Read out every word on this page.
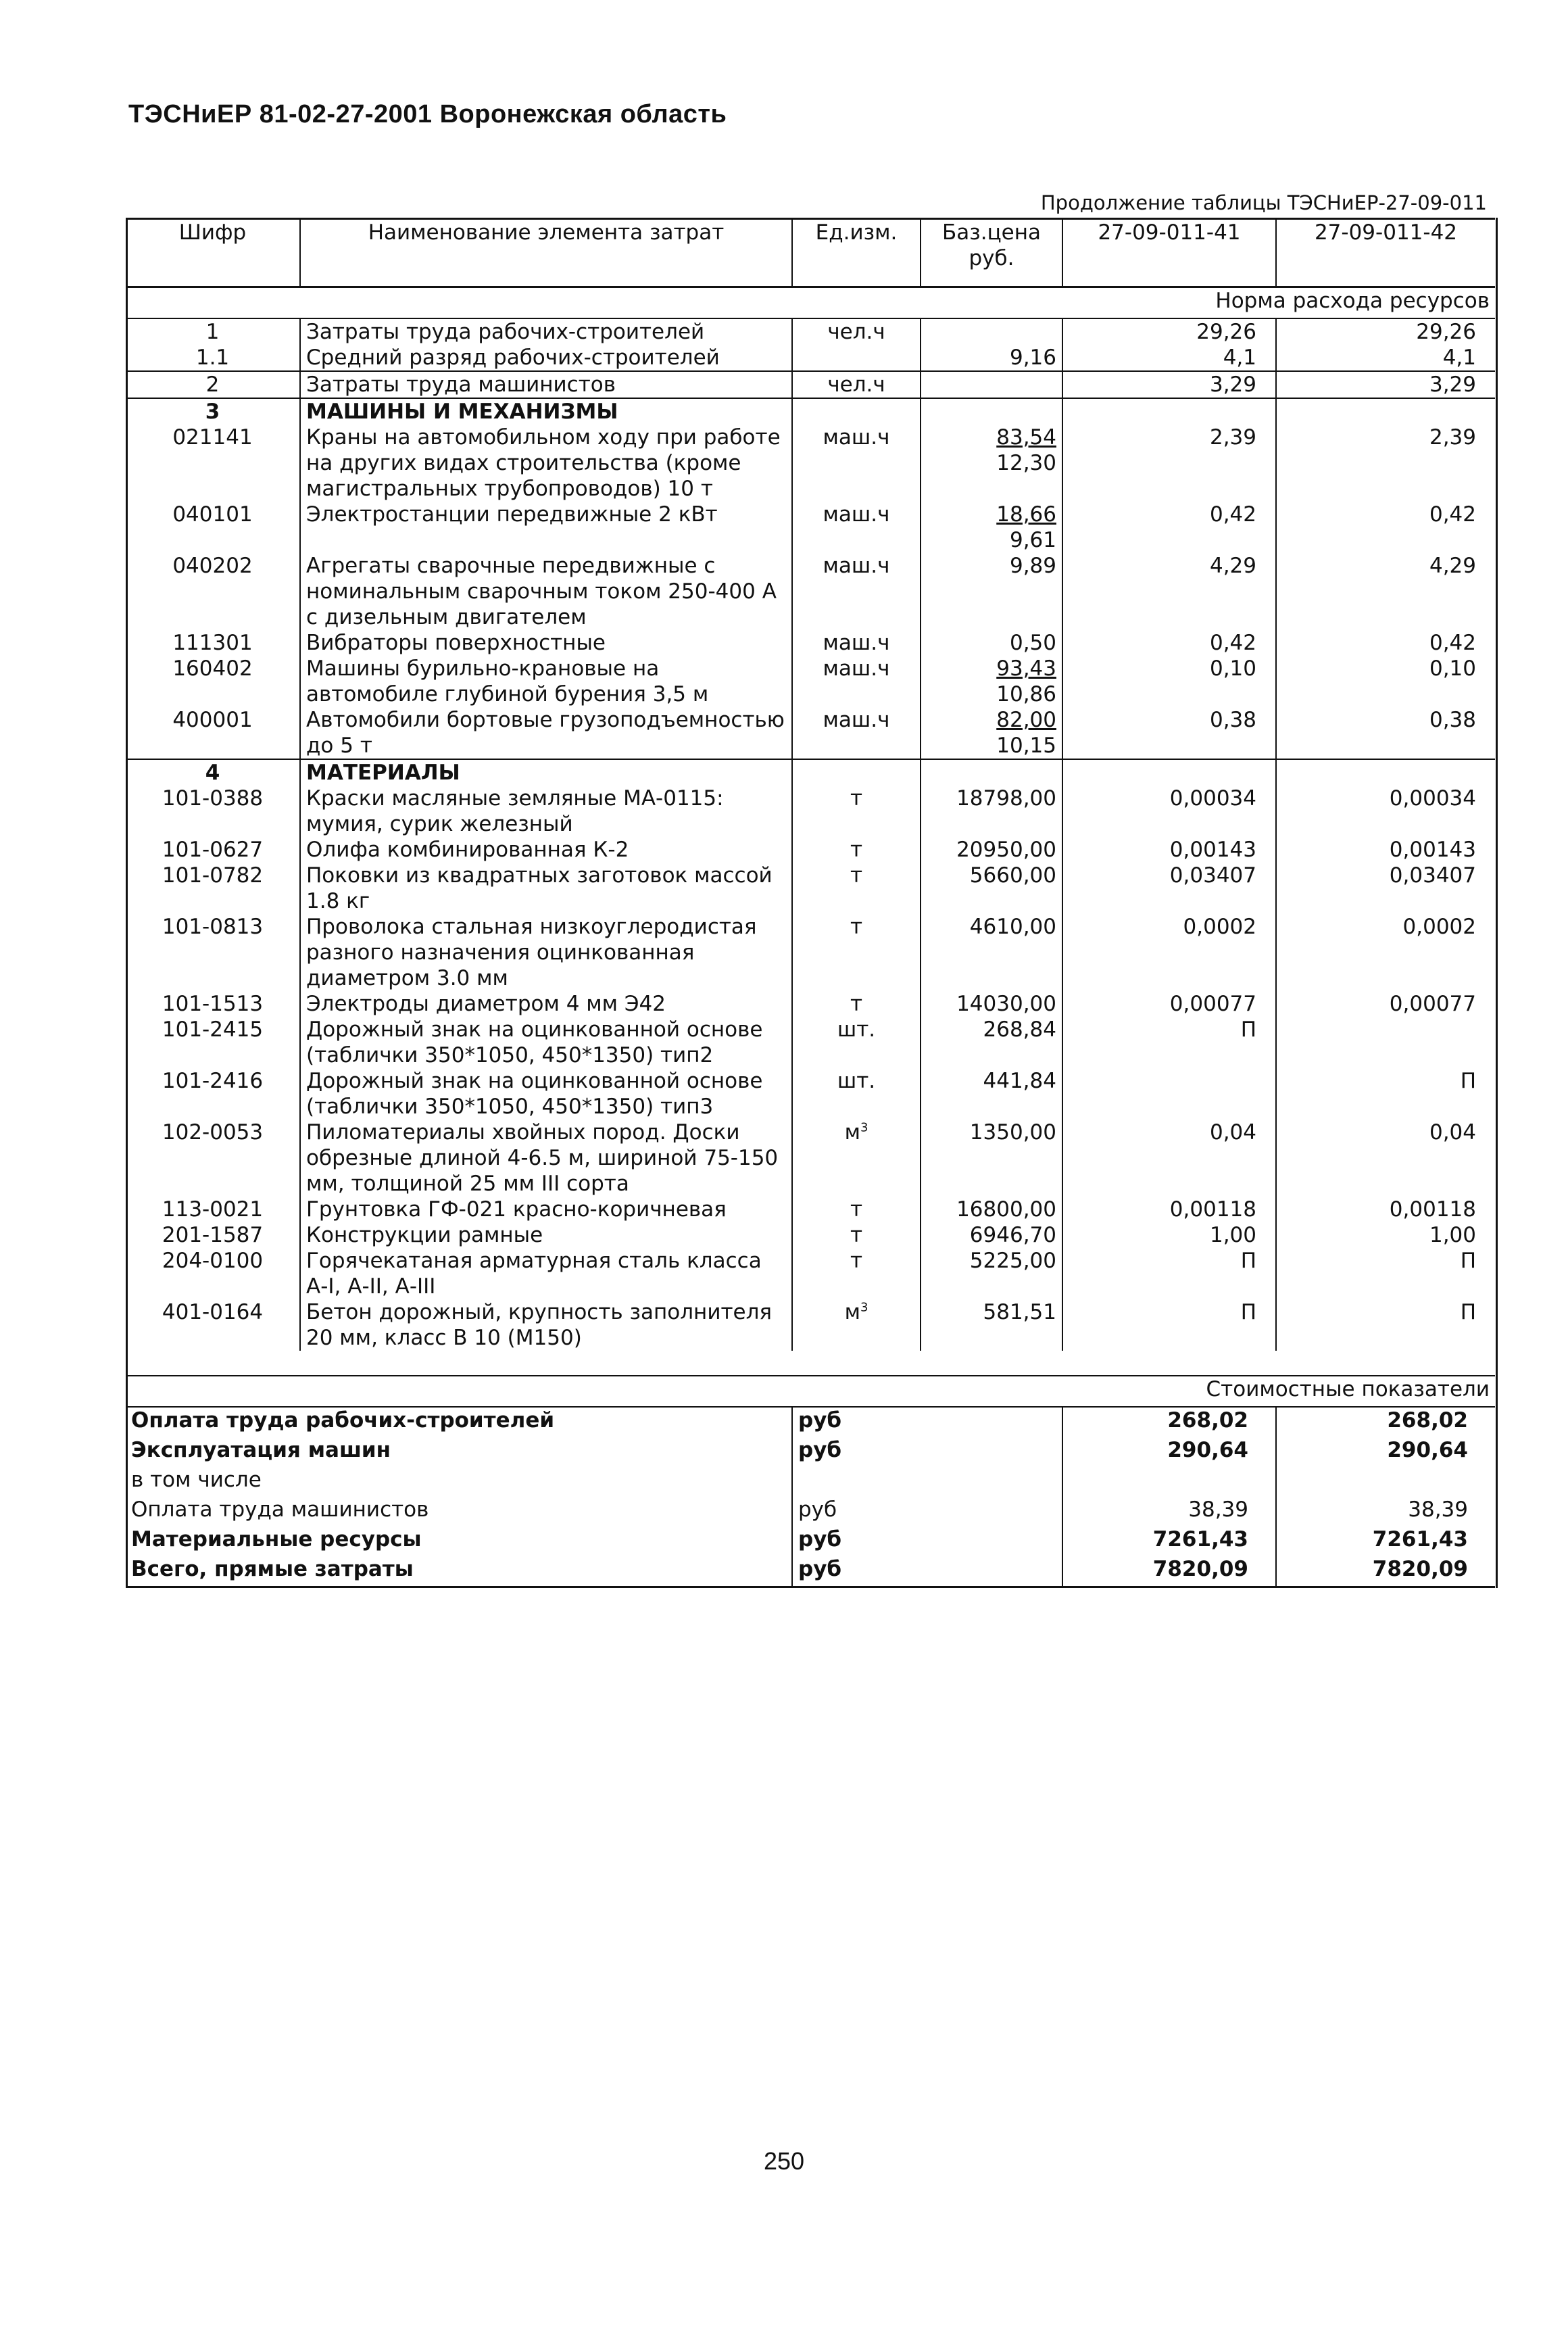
ТЭСНиЕР 81-02-27-2001 Воронежская область
Продолжение таблицы ТЭСНиЕР-27-09-011
Шифр	Наименование элемента затрат	Ед.изм.	Баз.цена руб.	27-09-011-41	27-09-011-42
Норма расхода ресурсов					
1	Затраты труда рабочих-строителей	чел.ч		29,26	29,26
1.1	Средний разряд рабочих-строителей		9,16	4,1	4,1
2	Затраты труда машинистов	чел.ч		3,29	3,29
3	МАШИНЫ И МЕХАНИЗМЫ				
021141	Краны на автомобильном ходу при работе на других видах строительства (кроме магистральных трубопроводов) 10 т	маш.ч	$\frac{83,54}{12,30}$	2,39	2,39
040101	Электростанции передвижные 2 кВт	маш.ч	$\frac{18,66}{9,61}$	0,42	0,42
040202	Агрегаты сварочные передвижные с номинальным сварочным током 250-400 А с дизельным двигателем	маш.ч	9,89	4,29	4,29
111301	Вибраторы поверхностные	маш.ч	0,50	0,42	0,42
160402	Машины бурильно-крановые на автомобиле глубиной бурения 3,5 м	маш.ч	$\frac{93,43}{10,86}$	0,10	0,10
400001	Автомобили бортовые грузоподъемностью до 5 т	маш.ч	$\frac{82,00}{10,15}$	0,38	0,38
4	МАТЕРИАЛЫ				
101-0388	Краски масляные земляные МА-0115: мумия, сурик железный	т	18798,00	0,00034	0,00034
101-0627	Олифа комбинированная К-2	т	20950,00	0,00143	0,00143
101-0782	Поковки из квадратных заготовок массой 1.8 кг	т	5660,00	0,03407	0,03407
101-0813	Проволока стальная низкоуглеродистая разного назначения оцинкованная диаметром 3.0 мм	т	4610,00	0,0002	0,0002
101-1513	Электроды диаметром 4 мм Э42	т	14030,00	0,00077	0,00077
101-2415	Дорожный знак на оцинкованной основе (таблички 350*1050, 450*1350) тип2	шт.	268,84	П	
101-2416	Дорожный знак на оцинкованной основе (таблички 350*1050, 450*1350) тип3	шт.	441,84		П
102-0053	Пиломатериалы хвойных пород. Доски обрезные длиной 4-6.5 м, шириной 75-150 мм, толщиной 25 мм III сорта	$м^3$	1350,00	0,04	0,04
113-0021	Грунтовка ГФ-021 красно-коричневая	т	16800,00	0,00118	0,00118
201-1587	Конструкции рамные	т	6946,70	1,00	1,00
204-0100	Горячекатаная арматурная сталь класса А-I, А-II, А-III	т	5225,00	П	П
401-0164	Бетон дорожный, крупность заполнителя 20 мм, класс В 10 (М150)	$м^3$	581,51	П	П

Стоимостные показатели					
Оплата труда рабочих-строителей		руб		268,02	268,02
Эксплуатация машин		руб		290,64	290,64
в том числе					
Оплата труда машинистов		руб		38,39	38,39
Материальные ресурсы		руб		7261,43	7261,43
Всего, прямые затраты		руб		7820,09	7820,09
250
